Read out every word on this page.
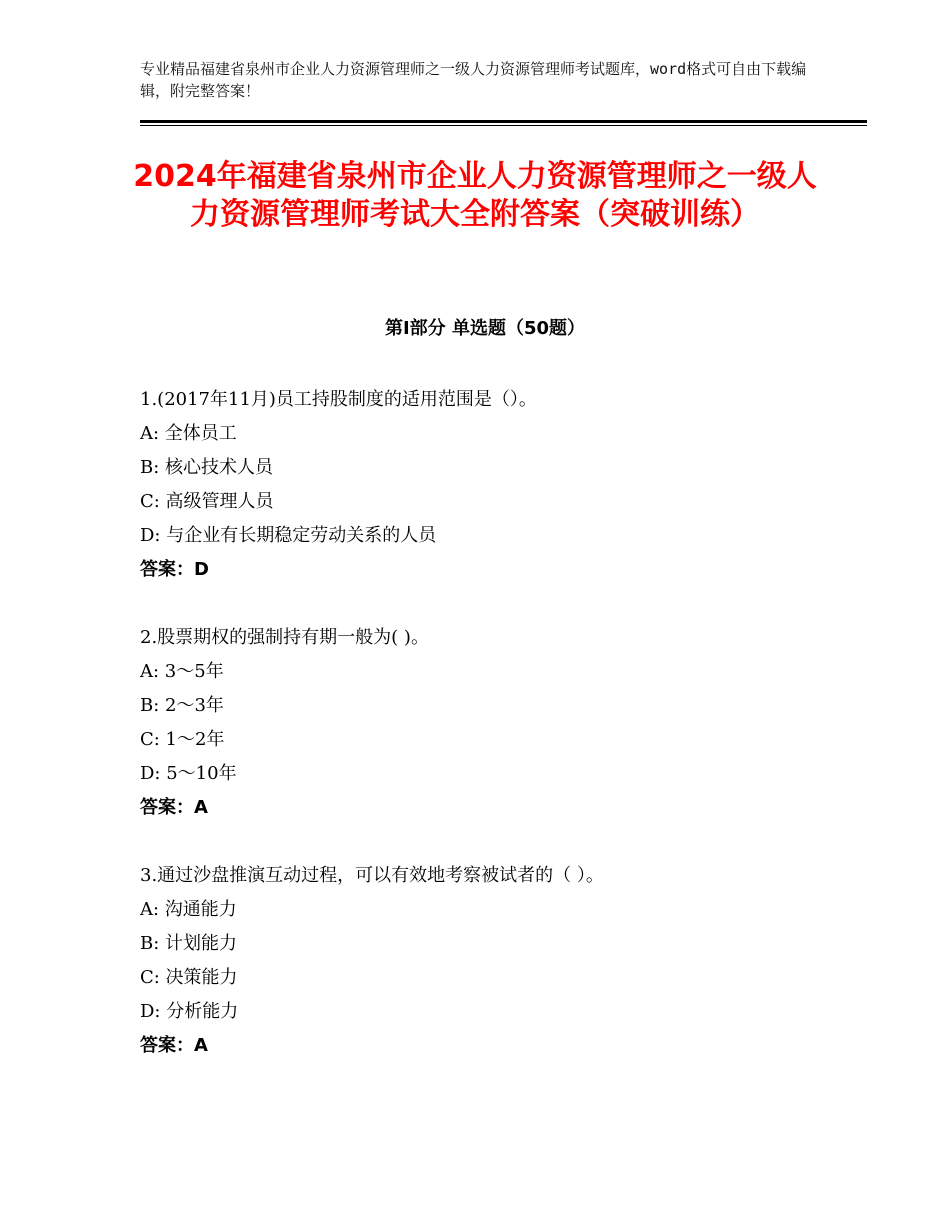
专业精品福建省泉州市企业人力资源管理师之一级人力资源管理师考试题库，word格式可自由下载编辑，附完整答案！
2024年福建省泉州市企业人力资源管理师之一级人力资源管理师考试大全附答案（突破训练）
第Ⅰ部分 单选题（50题）
1.(2017年11月)员工持股制度的适用范围是（）。
A: 全体员工
B: 核心技术人员
C: 高级管理人员
D: 与企业有长期稳定劳动关系的人员
答案：D
2.股票期权的强制持有期一般为( )。
A: 3～5年
B: 2～3年
C: 1～2年
D: 5～10年
答案：A
3.通过沙盘推演互动过程，可以有效地考察被试者的（ ）。
A: 沟通能力
B: 计划能力
C: 决策能力
D: 分析能力
答案：A
